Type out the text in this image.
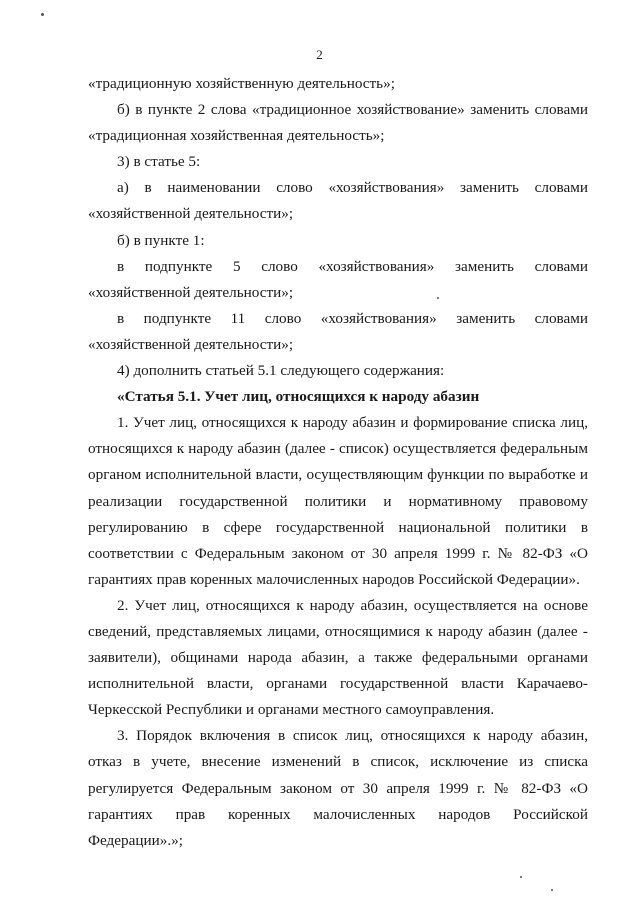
2

«традиционную хозяйственную деятельность»;

б) в пункте 2 слова «традиционное хозяйствование» заменить словами «традиционная хозяйственная деятельность»;

3) в статье 5:

а) в наименовании слово «хозяйствования» заменить словами «хозяйственной деятельности»;

б) в пункте 1:

в подпункте 5 слово «хозяйствования» заменить словами «хозяйственной деятельности»;

в подпункте 11 слово «хозяйствования» заменить словами «хозяйственной деятельности»;

4) дополнить статьей 5.1 следующего содержания:

«Статья 5.1. Учет лиц, относящихся к народу абазин

1. Учет лиц, относящихся к народу абазин и формирование списка лиц, относящихся к народу абазин (далее - список) осуществляется федеральным органом исполнительной власти, осуществляющим функции по выработке и реализации государственной политики и нормативному правовому регулированию в сфере государственной национальной политики в соответствии с Федеральным законом от 30 апреля 1999 г. № 82-ФЗ «О гарантиях прав коренных малочисленных народов Российской Федерации».

2. Учет лиц, относящихся к народу абазин, осуществляется на основе сведений, представляемых лицами, относящимися к народу абазин (далее - заявители), общинами народа абазин, а также федеральными органами исполнительной власти, органами государственной власти Карачаево-Черкесской Республики и органами местного самоуправления.

3. Порядок включения в список лиц, относящихся к народу абазин, отказ в учете, внесение изменений в список, исключение из списка регулируется Федеральным законом от 30 апреля 1999 г. № 82-ФЗ «О гарантиях прав коренных малочисленных народов Российской Федерации».»;
